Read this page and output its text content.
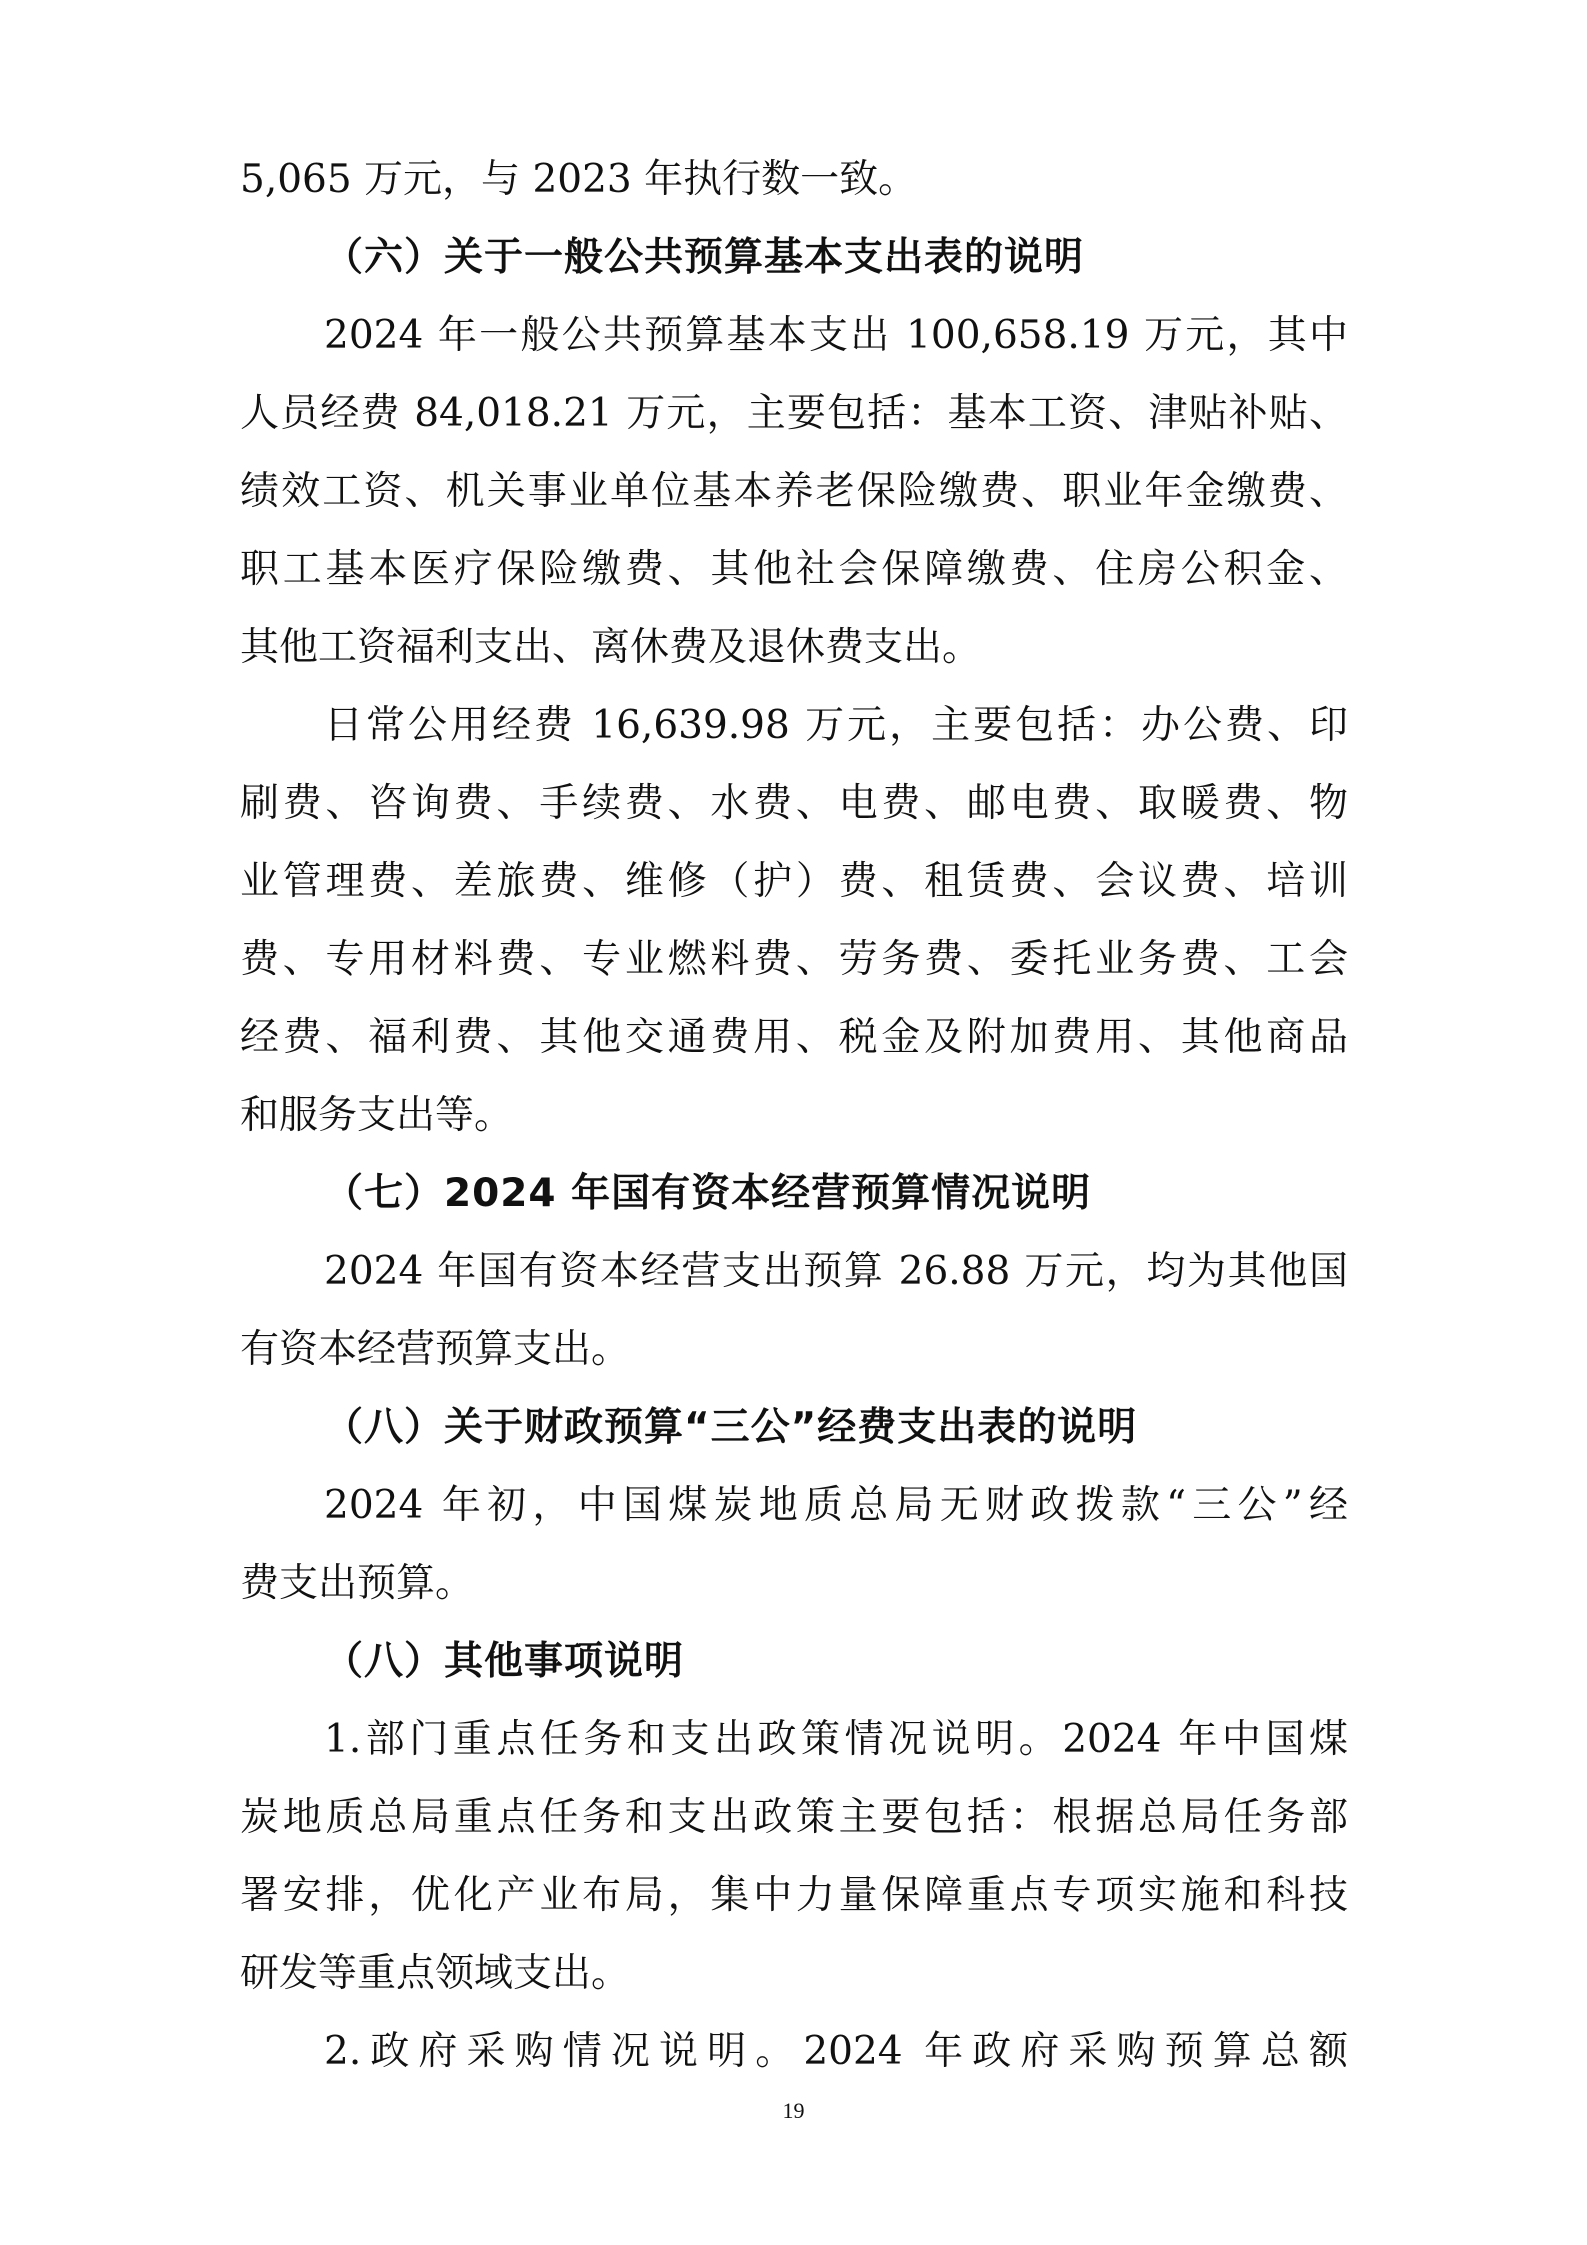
5,065 万元，与 2023 年执行数一致。
（六）关于一般公共预算基本支出表的说明
2024 年一般公共预算基本支出 100,658.19 万元，其中
人员经费 84,018.21 万元，主要包括：基本工资、津贴补贴、
绩效工资、机关事业单位基本养老保险缴费、职业年金缴费、
职工基本医疗保险缴费、其他社会保障缴费、住房公积金、
其他工资福利支出、离休费及退休费支出。
日常公用经费 16,639.98 万元，主要包括：办公费、印
刷费、咨询费、手续费、水费、电费、邮电费、取暖费、物
业管理费、差旅费、维修（护）费、租赁费、会议费、培训
费、专用材料费、专业燃料费、劳务费、委托业务费、工会
经费、福利费、其他交通费用、税金及附加费用、其他商品
和服务支出等。
（七）2024 年国有资本经营预算情况说明
2024 年国有资本经营支出预算 26.88 万元，均为其他国
有资本经营预算支出。
（八）关于财政预算“三公”经费支出表的说明
2024 年初，中国煤炭地质总局无财政拨款“三公”经
费支出预算。
（八）其他事项说明
1.部门重点任务和支出政策情况说明。2024 年中国煤
炭地质总局重点任务和支出政策主要包括：根据总局任务部
署安排，优化产业布局，集中力量保障重点专项实施和科技
研发等重点领域支出。
2.政府采购情况说明。2024 年政府采购预算总额
19
